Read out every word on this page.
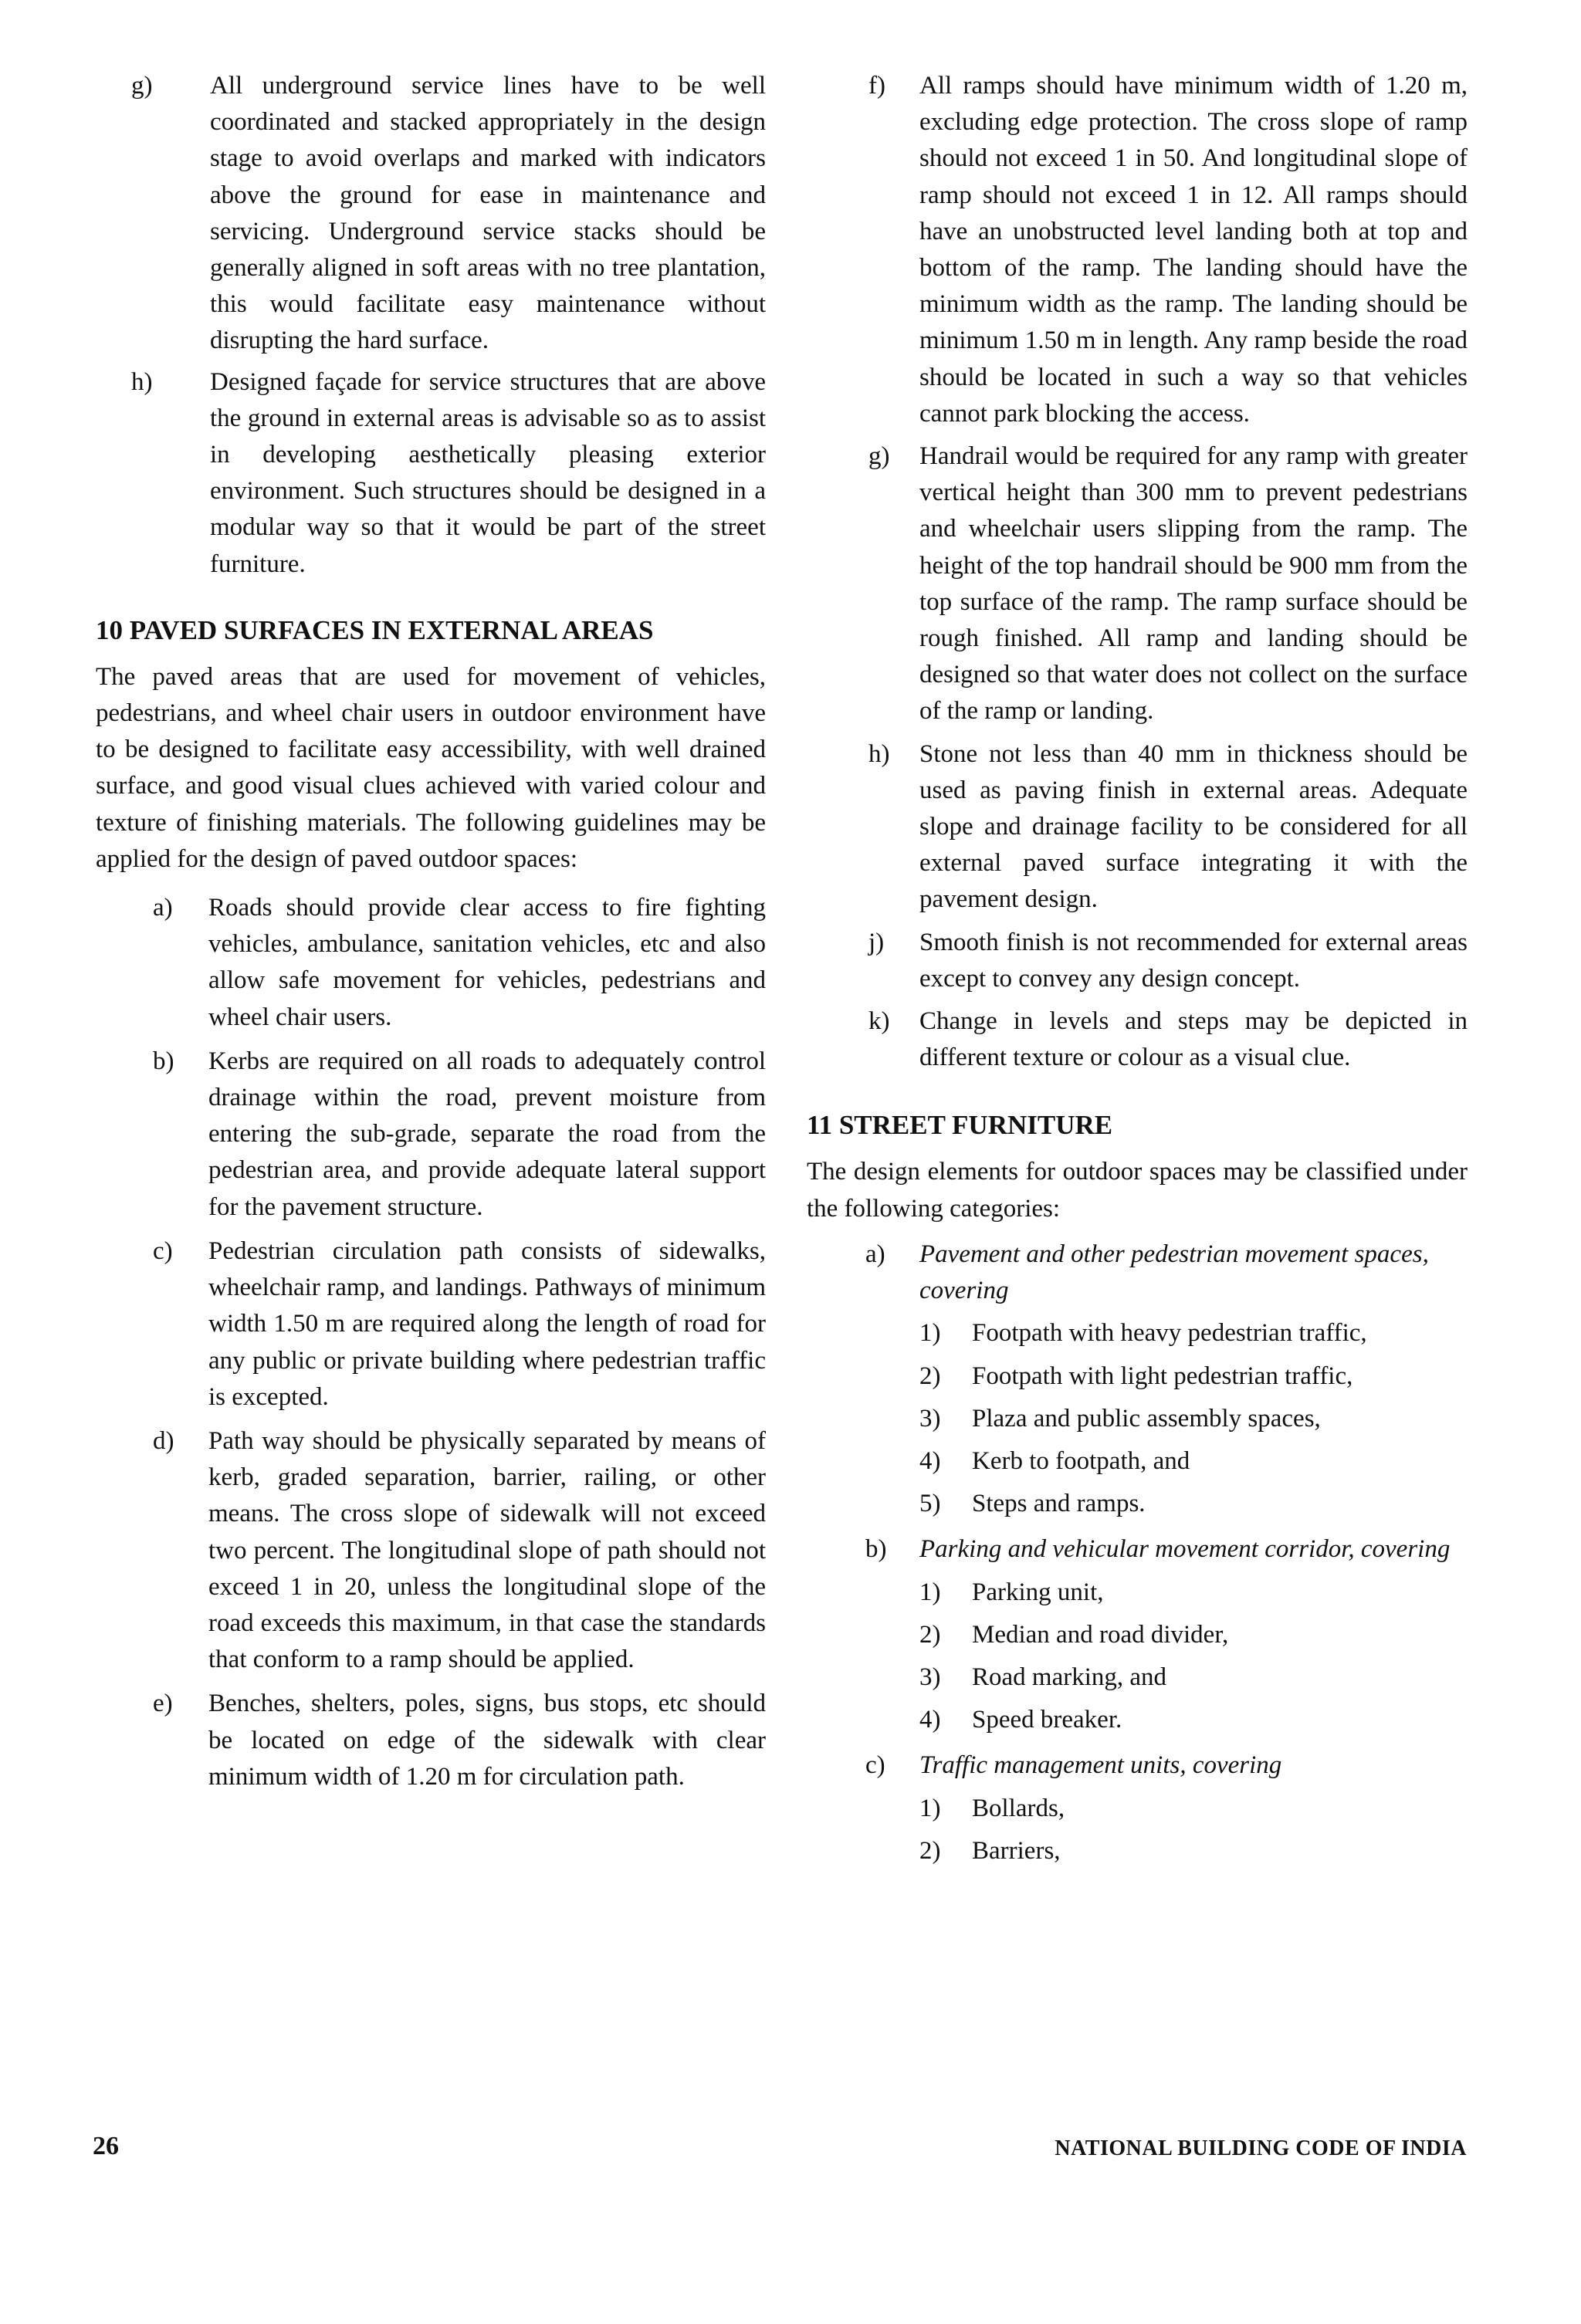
g) All underground service lines have to be well coordinated and stacked appropriately in the design stage to avoid overlaps and marked with indicators above the ground for ease in maintenance and servicing. Underground service stacks should be generally aligned in soft areas with no tree plantation, this would facilitate easy maintenance without disrupting the hard surface.
h) Designed façade for service structures that are above the ground in external areas is advisable so as to assist in developing aesthetically pleasing exterior environment. Such structures should be designed in a modular way so that it would be part of the street furniture.
10 PAVED SURFACES IN EXTERNAL AREAS

The paved areas that are used for movement of vehicles, pedestrians, and wheel chair users in outdoor environment have to be designed to facilitate easy accessibility, with well drained surface, and good visual clues achieved with varied colour and texture of finishing materials. The following guidelines may be applied for the design of paved outdoor spaces:

a) Roads should provide clear access to fire fighting vehicles, ambulance, sanitation vehicles, etc and also allow safe movement for vehicles, pedestrians and wheel chair users.
b) Kerbs are required on all roads to adequately control drainage within the road, prevent moisture from entering the sub-grade, separate the road from the pedestrian area, and provide adequate lateral support for the pavement structure.
c) Pedestrian circulation path consists of sidewalks, wheelchair ramp, and landings. Pathways of minimum width 1.50 m are required along the length of road for any public or private building where pedestrian traffic is excepted.
d) Path way should be physically separated by means of kerb, graded separation, barrier, railing, or other means. The cross slope of sidewalk will not exceed two percent. The longitudinal slope of path should not exceed 1 in 20, unless the longitudinal slope of the road exceeds this maximum, in that case the standards that conform to a ramp should be applied.
e) Benches, shelters, poles, signs, bus stops, etc should be located on edge of the sidewalk with clear minimum width of 1.20 m for circulation path.
f) All ramps should have minimum width of 1.20 m, excluding edge protection. The cross slope of ramp should not exceed 1 in 50. And longitudinal slope of ramp should not exceed 1 in 12. All ramps should have an unobstructed level landing both at top and bottom of the ramp. The landing should have the minimum width as the ramp. The landing should be minimum 1.50 m in length. Any ramp beside the road should be located in such a way so that vehicles cannot park blocking the access.
g) Handrail would be required for any ramp with greater vertical height than 300 mm to prevent pedestrians and wheelchair users slipping from the ramp. The height of the top handrail should be 900 mm from the top surface of the ramp. The ramp surface should be rough finished. All ramp and landing should be designed so that water does not collect on the surface of the ramp or landing.
h) Stone not less than 40 mm in thickness should be used as paving finish in external areas. Adequate slope and drainage facility to be considered for all external paved surface integrating it with the pavement design.
j) Smooth finish is not recommended for external areas except to convey any design concept.
k) Change in levels and steps may be depicted in different texture or colour as a visual clue.
11 STREET FURNITURE

The design elements for outdoor spaces may be classified under the following categories:

a) Pavement and other pedestrian movement spaces, covering
1) Footpath with heavy pedestrian traffic,
2) Footpath with light pedestrian traffic,
3) Plaza and public assembly spaces,
4) Kerb to footpath, and
5) Steps and ramps.
b) Parking and vehicular movement corridor, covering
1) Parking unit,
2) Median and road divider,
3) Road marking, and
4) Speed breaker.
c) Traffic management units, covering
1) Bollards,
2) Barriers,
26	NATIONAL BUILDING CODE OF INDIA
